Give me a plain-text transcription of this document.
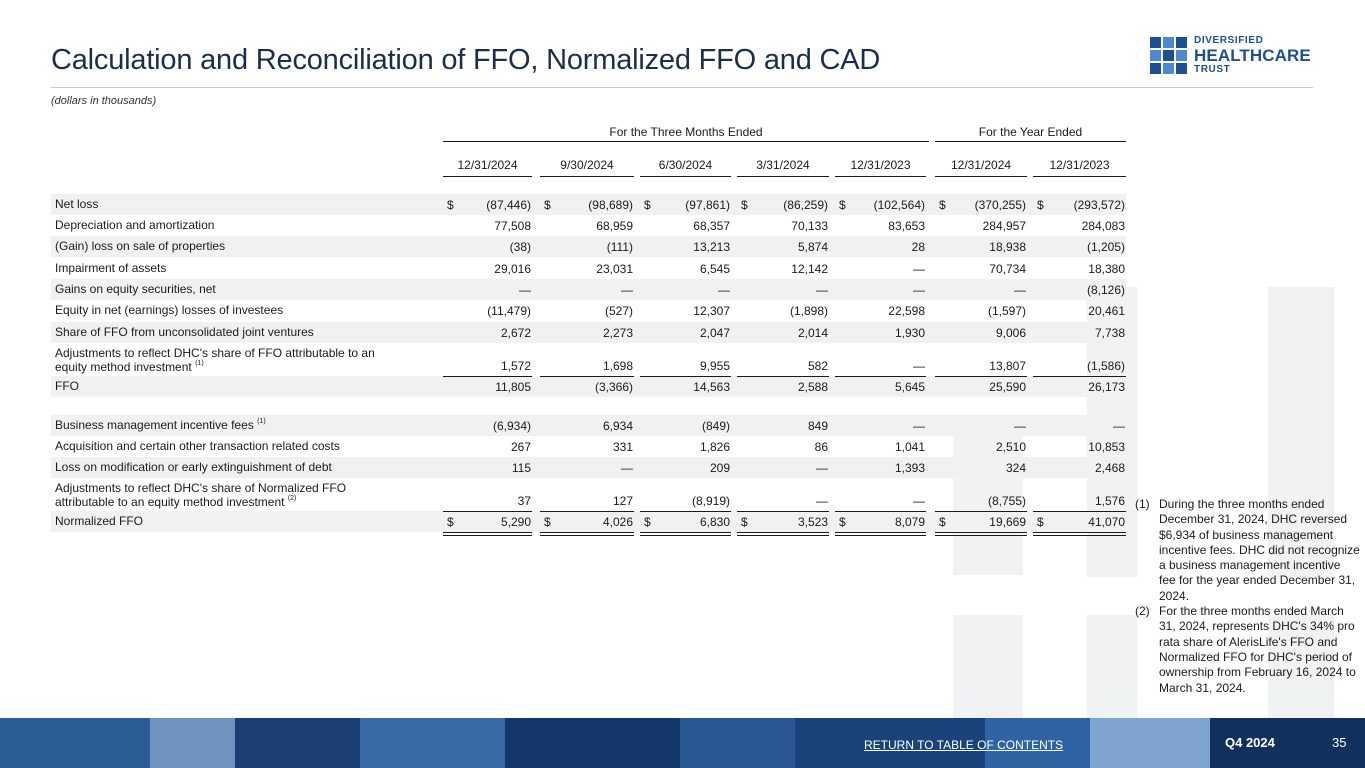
Calculation and Reconciliation of FFO, Normalized FFO and CAD
(dollars in thousands)
DIVERSIFIED
HEALTHCARE
TRUST
For the Three Months Ended	For the Year Ended
12/31/2024	9/30/2024	6/30/2024	3/31/2024	12/31/2023	12/31/2024	12/31/2023
Net loss	$	(87,446) $	(98,689) $	(97,861) $	(86,259) $	(102,564) $	(370,255) $	(293,572)
Depreciation and amortization	77,508	68,959	68,357	70,133	83,653	284,957	284,083
(Gain) loss on sale of properties	(38)	(111)	13,213	5,874	28	18,938	(1,205)
Impairment of assets	29,016	23,031	6,545	12,142	—	70,734	18,380
Gains on equity securities, net	—	—	—	—	—	—	(8,126)
Equity in net (earnings) losses of investees	(11,479)	(527)	12,307	(1,898)	22,598	(1,597)	20,461
Share of FFO from unconsolidated joint ventures	2,672	2,273	2,047	2,014	1,930	9,006	7,738
Adjustments to reflect DHC's share of FFO attributable to an
equity method investment $^{(1)}$	1,572	1,698	9,955	582	—	13,807	(1,586)
FFO	11,805	(3,366)	14,563	2,588	5,645	25,590	26,173
Business management incentive fees $^{(1)}$	(6,934)	6,934	(849)	849	—	—	—
Acquisition and certain other transaction related costs	267	331	1,826	86	1,041	2,510	10,853
Loss on modification or early extinguishment of debt	115	—	209	—	1,393	324	2,468
Adjustments to reflect DHC's share of Normalized FFO
attributable to an equity method investment $^{(2)}$	37	127	(8,919)	—	—	(8,755)	1,576
Normalized FFO	$	5,290 $	4,026 $	6,830 $	3,523 $	8,079 $	19,669 $	41,070
(1) During the three months ended December 31, 2024, DHC reversed $6,934 of business management incentive fees. DHC did not recognize a business management incentive fee for the year ended December 31, 2024.
(2) For the three months ended March 31, 2024, represents DHC's 34% pro rata share of AlerisLife's FFO and Normalized FFO for DHC's period of ownership from February 16, 2024 to March 31, 2024.
RETURN TO TABLE OF CONTENTS	Q4 2024	35
